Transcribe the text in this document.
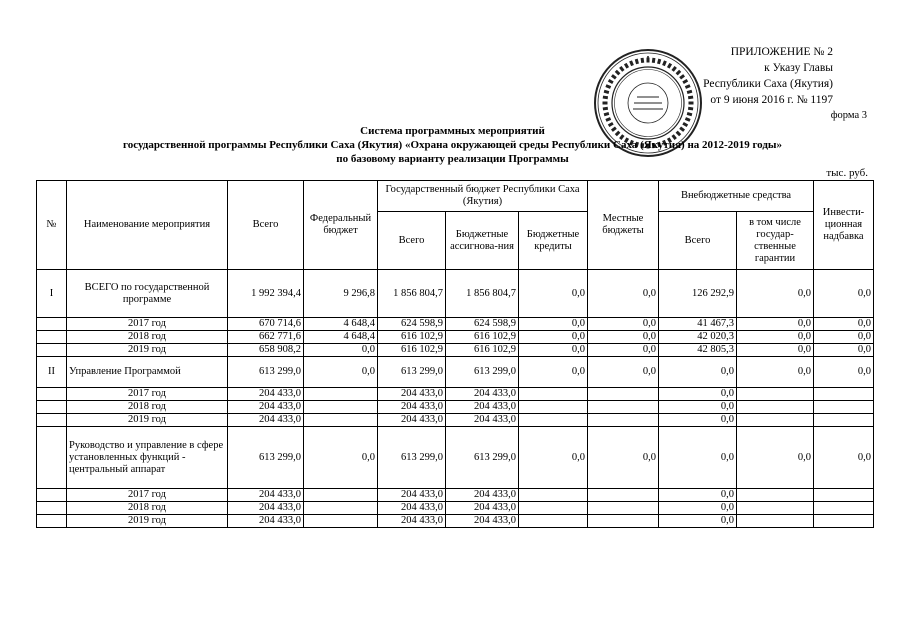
ПРИЛОЖЕНИЕ № 2
к Указу Главы
Республики Саха (Якутия)
от 9 июня 2016 г. № 1197
форма 3
Система программных мероприятий
государственной программы Республики Саха (Якутия) «Охрана окружающей среды Республики Саха (Якутия) на 2012-2019 годы»
по базовому варианту реализации Программы
тыс. руб.
№	Наименование мероприятия	Всего	Федеральный бюджет	Государственный бюджет Республики Саха (Якутия)			Местные бюджеты	Внебюджетные средства		Инвести-ционная надбавка
				Всего	Бюджетные ассигнова-ния	Бюджетные кредиты		Всего	в том числе государ-ственные гарантии	
I	ВСЕГО по государственной программе	1 992 394,4	9 296,8	1 856 804,7	1 856 804,7	0,0	0,0	126 292,9	0,0	0,0
	2017 год	670 714,6	4 648,4	624 598,9	624 598,9	0,0	0,0	41 467,3	0,0	0,0
	2018 год	662 771,6	4 648,4	616 102,9	616 102,9	0,0	0,0	42 020,3	0,0	0,0
	2019 год	658 908,2	0,0	616 102,9	616 102,9	0,0	0,0	42 805,3	0,0	0,0
II	Управление Программой	613 299,0	0,0	613 299,0	613 299,0	0,0	0,0	0,0	0,0	0,0
	2017 год	204 433,0		204 433,0	204 433,0			0,0		
	2018 год	204 433,0		204 433,0	204 433,0			0,0		
	2019 год	204 433,0		204 433,0	204 433,0			0,0		
	Руководство и управление в сфере установленных функций - центральный аппарат	613 299,0	0,0	613 299,0	613 299,0	0,0	0,0	0,0	0,0	0,0
	2017 год	204 433,0		204 433,0	204 433,0			0,0		
	2018 год	204 433,0		204 433,0	204 433,0			0,0		
	2019 год	204 433,0		204 433,0	204 433,0			0,0		
